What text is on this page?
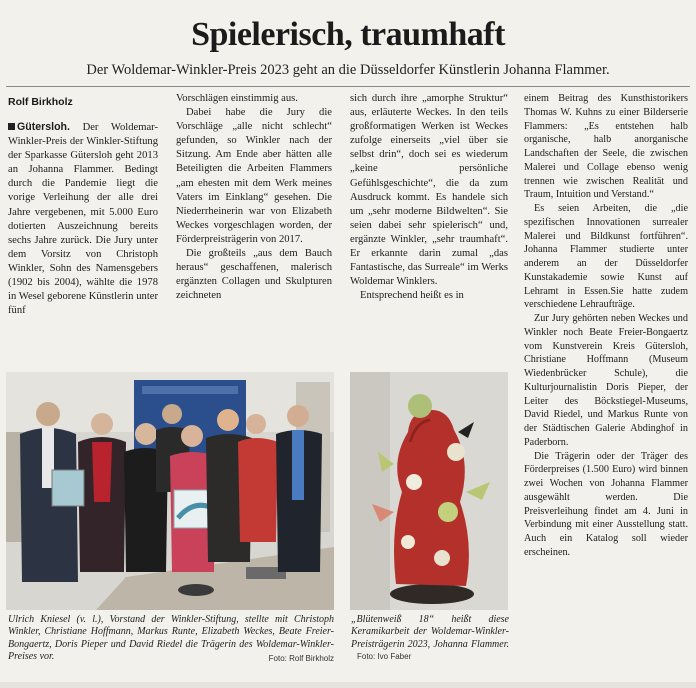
Spielerisch, traumhaft
Der Woldemar-Winkler-Preis 2023 geht an die Düsseldorfer Künstlerin Johanna Flammer.
Rolf Birkholz

Gütersloh. Der Woldemar-Winkler-Preis der Winkler-Stiftung der Sparkasse Gütersloh geht 2013 an Johanna Flammer. Bedingt durch die Pandemie liegt die vorige Verleihung der alle drei Jahre vergebenen, mit 5.000 Euro dotierten Auszeichnung bereits sechs Jahre zurück. Die Jury unter dem Vorsitz von Christoph Winkler, Sohn des Namensgebers (1902 bis 2004), wählte die 1978 in Wesel geborene Künstlerin unter fünf

Vorschlägen einstimmig aus.

Dabei habe die Jury die Vorschläge „alle nicht schlecht“ gefunden, so Winkler nach der Sitzung. Am Ende aber hätten alle Beteiligten die Arbeiten Flammers „am ehesten mit dem Werk meines Vaters im Einklang“ gesehen. Die Niederrheinerin war von Elizabeth Weckes vorgeschlagen worden, der Förderpreisträgerin von 2017.

Die großteils „aus dem Bauch heraus“ geschaffenen, malerisch ergänzten Collagen und Skulpturen zeichneten

sich durch ihre „amorphe Struktur“ aus, erläuterte Weckes. In den teils großformatigen Werken ist Weckes zufolge einerseits „viel über sie selbst drin“, doch sei es wiederum „keine persönliche Gefühlsgeschichte“, die da zum Ausdruck kommt. Es handele sich um „sehr moderne Bildwelten“. Sie seien dabei sehr spielerisch“ und, ergänzte Winkler, „sehr traumhaft“. Er erkannte darin zumal „das Fantastische, das Surreale“ im Werks Woldemar Winklers.

Entsprechend heißt es in

einem Beitrag des Kunsthistorikers Thomas W. Kuhns zu einer Bilderserie Flammers: „Es entstehen halb organische, halb anorganische Landschaften der Seele, die zwischen Malerei und Collage ebenso wenig trennen wie zwischen Realität und Traum, Intuition und Verstand.“

Es seien Arbeiten, die „die spezifischen Innovationen surrealer Malerei und Bildkunst fortführen“. Johanna Flammer studierte unter anderem an der Düsseldorfer Kunstakademie sowie Kunst auf Lehramt in Essen.Sie hatte zudem verschiedene Lehraufträge.

Zur Jury gehörten neben Weckes und Winkler noch Beate Freier-Bongaertz vom Kunstverein Kreis Gütersloh, Christiane Hoffmann (Museum Wiedenbrücker Schule), die Kulturjournalistin Doris Pieper, der Leiter des Böckstiegel-Museums, David Riedel, und Markus Runte von der Städtischen Galerie Abdinghof in Paderborn.

Die Trägerin oder der Träger des Förderpreises (1.500 Euro) wird binnen zwei Wochen von Johanna Flammer ausgewählt werden. Die Preisverleihung findet am 4. Juni in Verbindung mit einer Ausstellung statt. Auch ein Katalog soll wieder erscheinen.

Ulrich Kniesel (v. l.), Vorstand der Winkler-Stiftung, stellte mit Christoph Winkler, Christiane Hoffmann, Markus Runte, Elizabeth Weckes, Beate Freier-Bongaertz, Doris Pieper und David Riedel die Trägerin des Woldemar-Winkler-Preises vor.	Foto: Rolf Birkholz
„Blütenweiß 18“ heißt diese Keramikarbeit der Woldemar-Winkler-Preisträgerin 2023, Johanna Flammer. Foto: Ivo Faber
